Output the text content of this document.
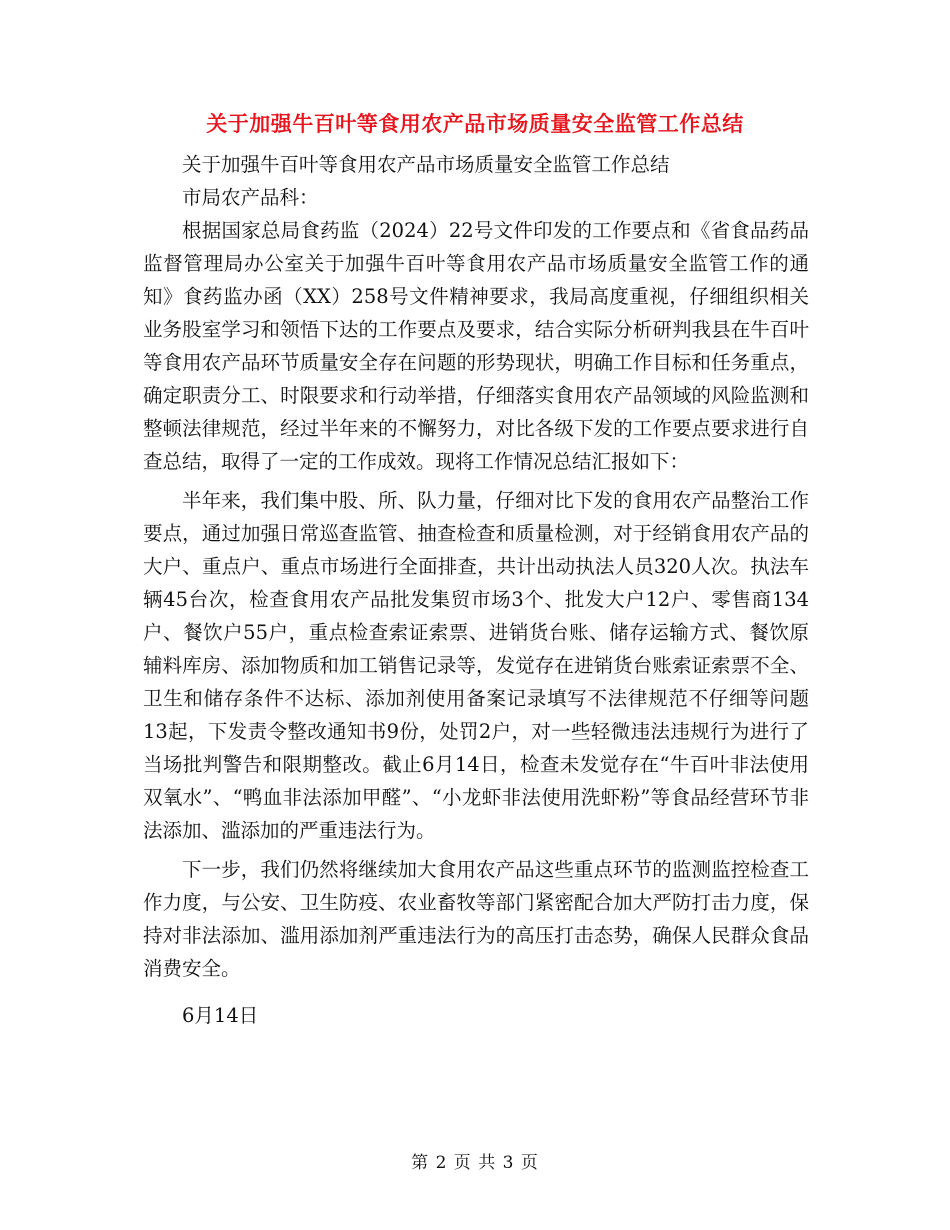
关于加强牛百叶等食用农产品市场质量安全监管工作总结

关于加强牛百叶等食用农产品市场质量安全监管工作总结

市局农产品科：

根据国家总局食药监（2024）22号文件印发的工作要点和《省食品药品监督管理局办公室关于加强牛百叶等食用农产品市场质量安全监管工作的通知》食药监办函（XX）258号文件精神要求，我局高度重视，仔细组织相关业务股室学习和领悟下达的工作要点及要求，结合实际分析研判我县在牛百叶等食用农产品环节质量安全存在问题的形势现状，明确工作目标和任务重点，确定职责分工、时限要求和行动举措，仔细落实食用农产品领域的风险监测和整顿法律规范，经过半年来的不懈努力，对比各级下发的工作要点要求进行自查总结，取得了一定的工作成效。现将工作情况总结汇报如下：

半年来，我们集中股、所、队力量，仔细对比下发的食用农产品整治工作要点，通过加强日常巡查监管、抽查检查和质量检测，对于经销食用农产品的大户、重点户、重点市场进行全面排查，共计出动执法人员320人次。执法车辆45台次，检查食用农产品批发集贸市场3个、批发大户12户、零售商134户、餐饮户55户，重点检查索证索票、进销货台账、储存运输方式、餐饮原辅料库房、添加物质和加工销售记录等，发觉存在进销货台账索证索票不全、卫生和储存条件不达标、添加剂使用备案记录填写不法律规范不仔细等问题13起，下发责令整改通知书9份，处罚2户，对一些轻微违法违规行为进行了当场批判警告和限期整改。截止6月14日，检查未发觉存在“牛百叶非法使用双氧水”、“鸭血非法添加甲醛”、“小龙虾非法使用洗虾粉”等食品经营环节非法添加、滥添加的严重违法行为。

下一步，我们仍然将继续加大食用农产品这些重点环节的监测监控检查工作力度，与公安、卫生防疫、农业畜牧等部门紧密配合加大严防打击力度，保持对非法添加、滥用添加剂严重违法行为的高压打击态势，确保人民群众食品消费安全。

6月14日

第 2 页 共 3 页
